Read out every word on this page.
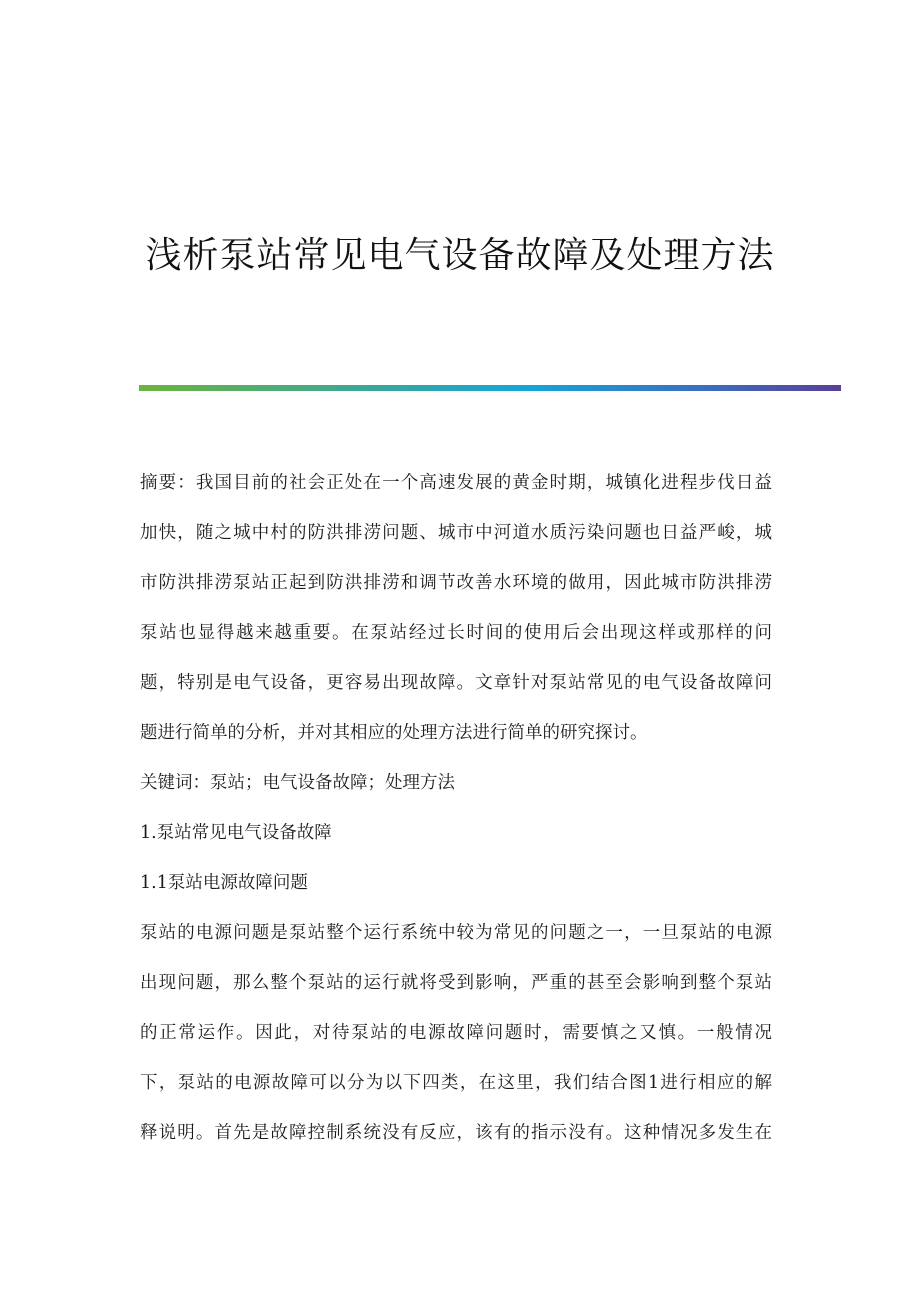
浅析泵站常见电气设备故障及处理方法
摘要：我国目前的社会正处在一个高速发展的黄金时期，城镇化进程步伐日益
加快，随之城中村的防洪排涝问题、城市中河道水质污染问题也日益严峻，城
市防洪排涝泵站正起到防洪排涝和调节改善水环境的做用，因此城市防洪排涝
泵站也显得越来越重要。在泵站经过长时间的使用后会出现这样或那样的问
题，特别是电气设备，更容易出现故障。文章针对泵站常见的电气设备故障问
题进行简单的分析，并对其相应的处理方法进行简单的研究探讨。
关键词：泵站；电气设备故障；处理方法
1.泵站常见电气设备故障
1.1泵站电源故障问题
泵站的电源问题是泵站整个运行系统中较为常见的问题之一，一旦泵站的电源
出现问题，那么整个泵站的运行就将受到影响，严重的甚至会影响到整个泵站
的正常运作。因此，对待泵站的电源故障问题时，需要慎之又慎。一般情况
下，泵站的电源故障可以分为以下四类，在这里，我们结合图1进行相应的解
释说明。首先是故障控制系统没有反应，该有的指示没有。这种情况多发生在
